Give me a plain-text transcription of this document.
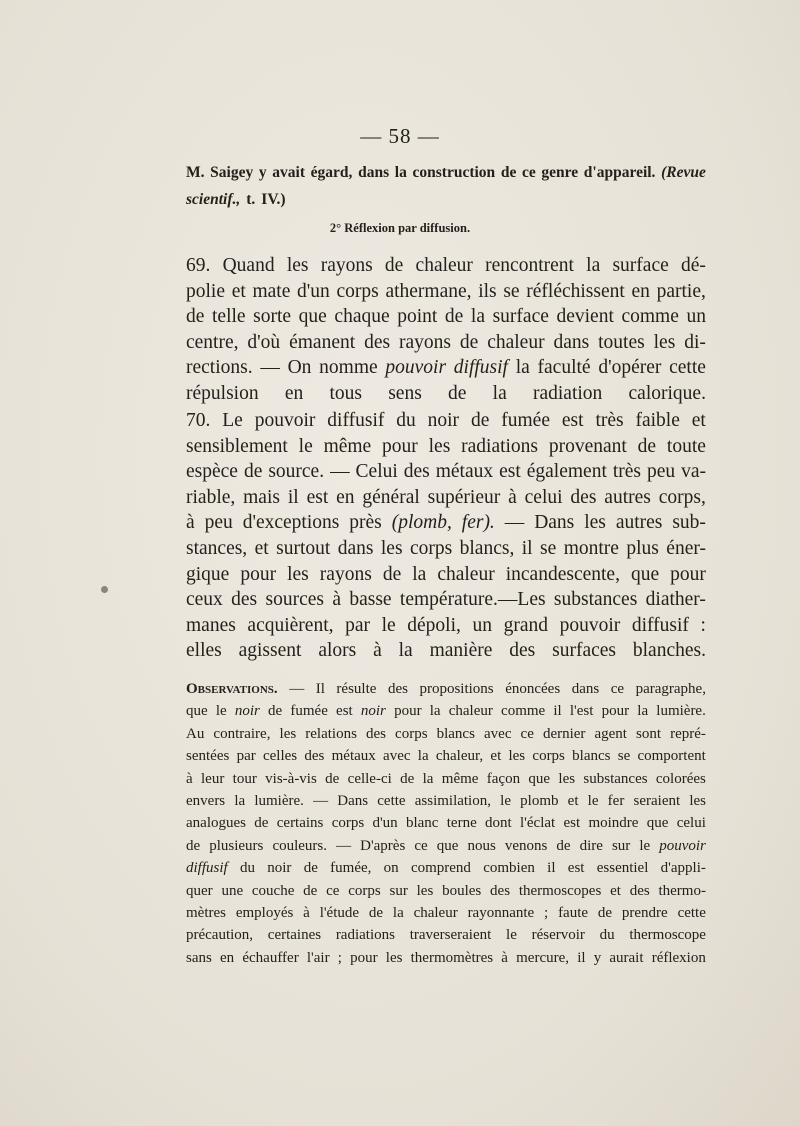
— 58 —
M. Saigey y avait égard, dans la construction de ce genre d'appareil. (Revue
scientif., t. IV.)
2° Réflexion par diffusion.
69. Quand les rayons de chaleur rencontrent la surface dé-
polie et mate d'un corps athermane, ils se réfléchissent en partie,
de telle sorte que chaque point de la surface devient comme un
centre, d'où émanent des rayons de chaleur dans toutes les di-
rections. — On nomme pouvoir diffusif la faculté d'opérer cette
répulsion en tous sens de la radiation calorique.
70. Le pouvoir diffusif du noir de fumée est très faible et
sensiblement le même pour les radiations provenant de toute
espèce de source. — Celui des métaux est également très peu va-
riable, mais il est en général supérieur à celui des autres corps,
à peu d'exceptions près (plomb, fer). — Dans les autres sub-
stances, et surtout dans les corps blancs, il se montre plus éner-
gique pour les rayons de la chaleur incandescente, que pour
ceux des sources à basse température.—Les substances diather-
manes acquièrent, par le dépoli, un grand pouvoir diffusif :
elles agissent alors à la manière des surfaces blanches.
Observations. — Il résulte des propositions énoncées dans ce paragraphe,
que le noir de fumée est noir pour la chaleur comme il l'est pour la lumière.
Au contraire, les relations des corps blancs avec ce dernier agent sont repré-
sentées par celles des métaux avec la chaleur, et les corps blancs se comportent
à leur tour vis-à-vis de celle-ci de la même façon que les substances colorées
envers la lumière. — Dans cette assimilation, le plomb et le fer seraient les
analogues de certains corps d'un blanc terne dont l'éclat est moindre que celui
de plusieurs couleurs. — D'après ce que nous venons de dire sur le pouvoir
diffusif du noir de fumée, on comprend combien il est essentiel d'appli-
quer une couche de ce corps sur les boules des thermoscopes et des thermo-
mètres employés à l'étude de la chaleur rayonnante ; faute de prendre cette
précaution, certaines radiations traverseraient le réservoir du thermoscope
sans en échauffer l'air ; pour les thermomètres à mercure, il y aurait réflexion
